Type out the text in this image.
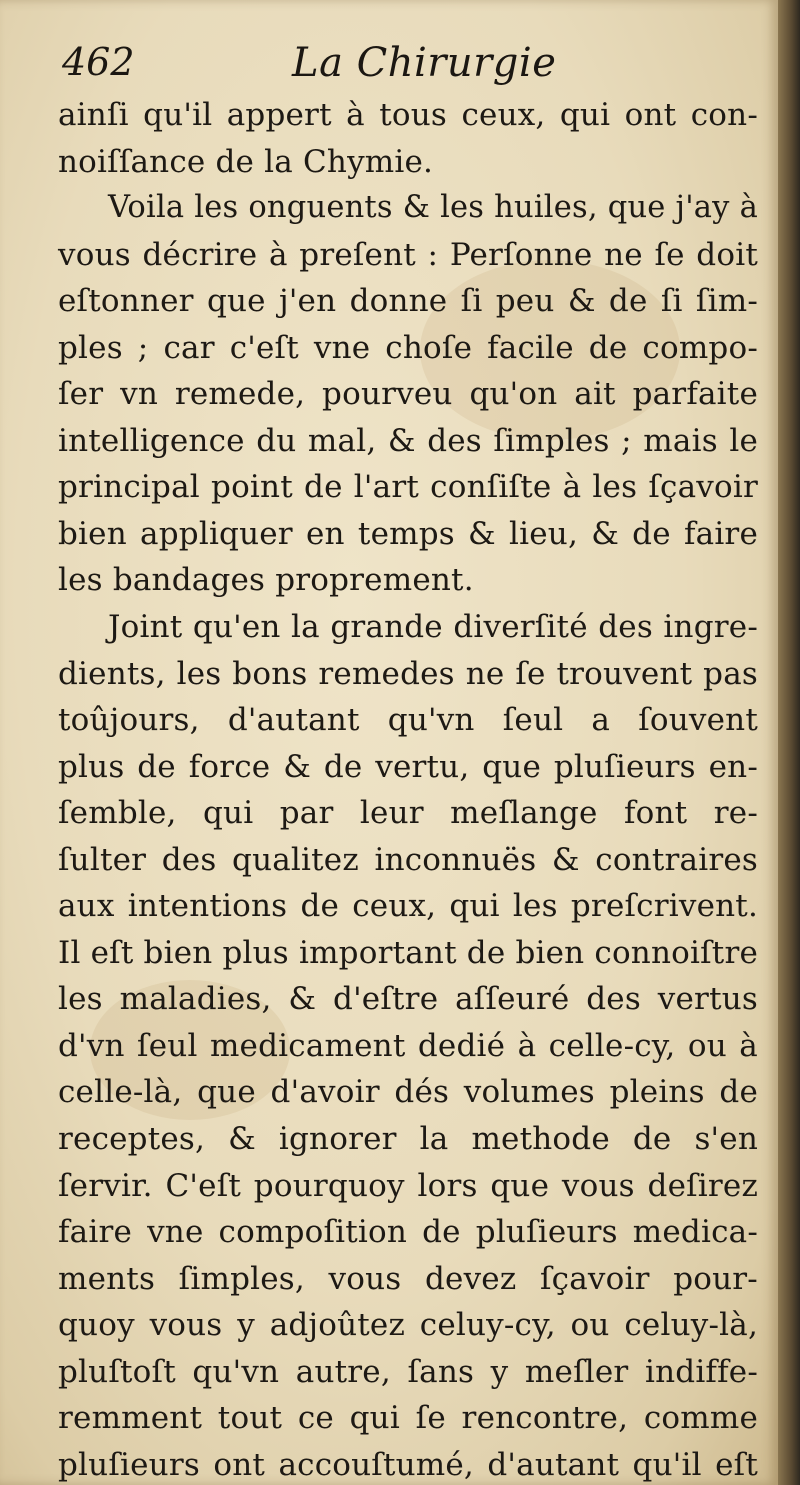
462	La Chirurgie
ainſi qu'il appert à tous ceux, qui ont con-
noiſſance de la Chymie.
Voila les onguents & les huiles, que j'ay à
vous décrire à preſent : Perſonne ne ſe doit
eſtonner que j'en donne ſi peu & de ſi ſim-
ples ; car c'eſt vne choſe facile de compo-
ſer vn remede, pourveu qu'on ait parfaite
intelligence du mal, & des ſimples ; mais le
principal point de l'art conſiſte à les ſçavoir
bien appliquer en temps & lieu, & de faire
les bandages proprement.
Joint qu'en la grande diverſité des ingre-
dients, les bons remedes ne ſe trouvent pas
toûjours, d'autant qu'vn ſeul a ſouvent
plus de force & de vertu, que pluſieurs en-
ſemble, qui par leur meſlange font re-
ſulter des qualitez inconnuës & contraires
aux intentions de ceux, qui les preſcrivent.
Il eſt bien plus important de bien connoiſtre
les maladies, & d'eſtre aſſeuré des vertus
d'vn ſeul medicament dedié à celle-cy, ou à
celle-là, que d'avoir dés volumes pleins de
receptes, & ignorer la methode de s'en
ſervir. C'eſt pourquoy lors que vous deſirez
faire vne compoſition de pluſieurs medica-
ments ſimples, vous devez ſçavoir pour-
quoy vous y adjoûtez celuy-cy, ou celuy-là,
pluſtoſt qu'vn autre, ſans y meſler indiffe-
remment tout ce qui ſe rencontre, comme
pluſieurs ont accouſtumé, d'autant qu'il eſt
